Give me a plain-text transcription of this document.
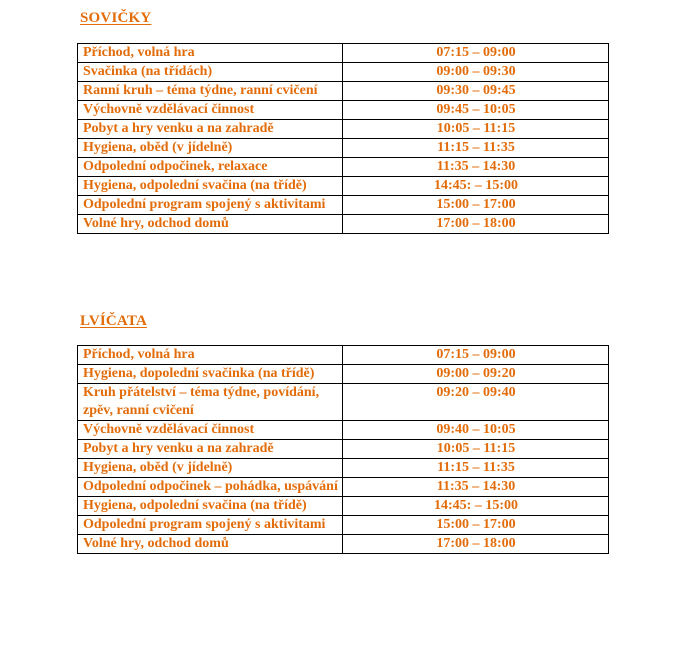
SOVIČKY
Příchod, volná hra	07:15 – 09:00
Svačinka (na třídách)	09:00 – 09:30
Ranní kruh – téma týdne, ranní cvičení	09:30 – 09:45
Výchovně vzdělávací činnost	09:45 – 10:05
Pobyt a hry venku a na zahradě	10:05 – 11:15
Hygiena, oběd (v jídelně)	11:15 – 11:35
Odpolední odpočinek, relaxace	11:35 – 14:30
Hygiena, odpolední svačina (na třídě)	14:45: – 15:00
Odpolední program spojený s aktivitami	15:00 – 17:00
Volné hry, odchod domů	17:00 – 18:00
LVÍČATA
Příchod, volná hra	07:15 – 09:00
Hygiena, dopolední svačinka (na třídě)	09:00 – 09:20
Kruh přátelství – téma týdne, povídání, zpěv, ranní cvičení	09:20 – 09:40
Výchovně vzdělávací činnost	09:40 – 10:05
Pobyt a hry venku a na zahradě	10:05 – 11:15
Hygiena, oběd (v jídelně)	11:15 – 11:35
Odpolední odpočinek – pohádka, uspávání	11:35 – 14:30
Hygiena, odpolední svačina (na třídě)	14:45: – 15:00
Odpolední program spojený s aktivitami	15:00 – 17:00
Volné hry, odchod domů	17:00 – 18:00
